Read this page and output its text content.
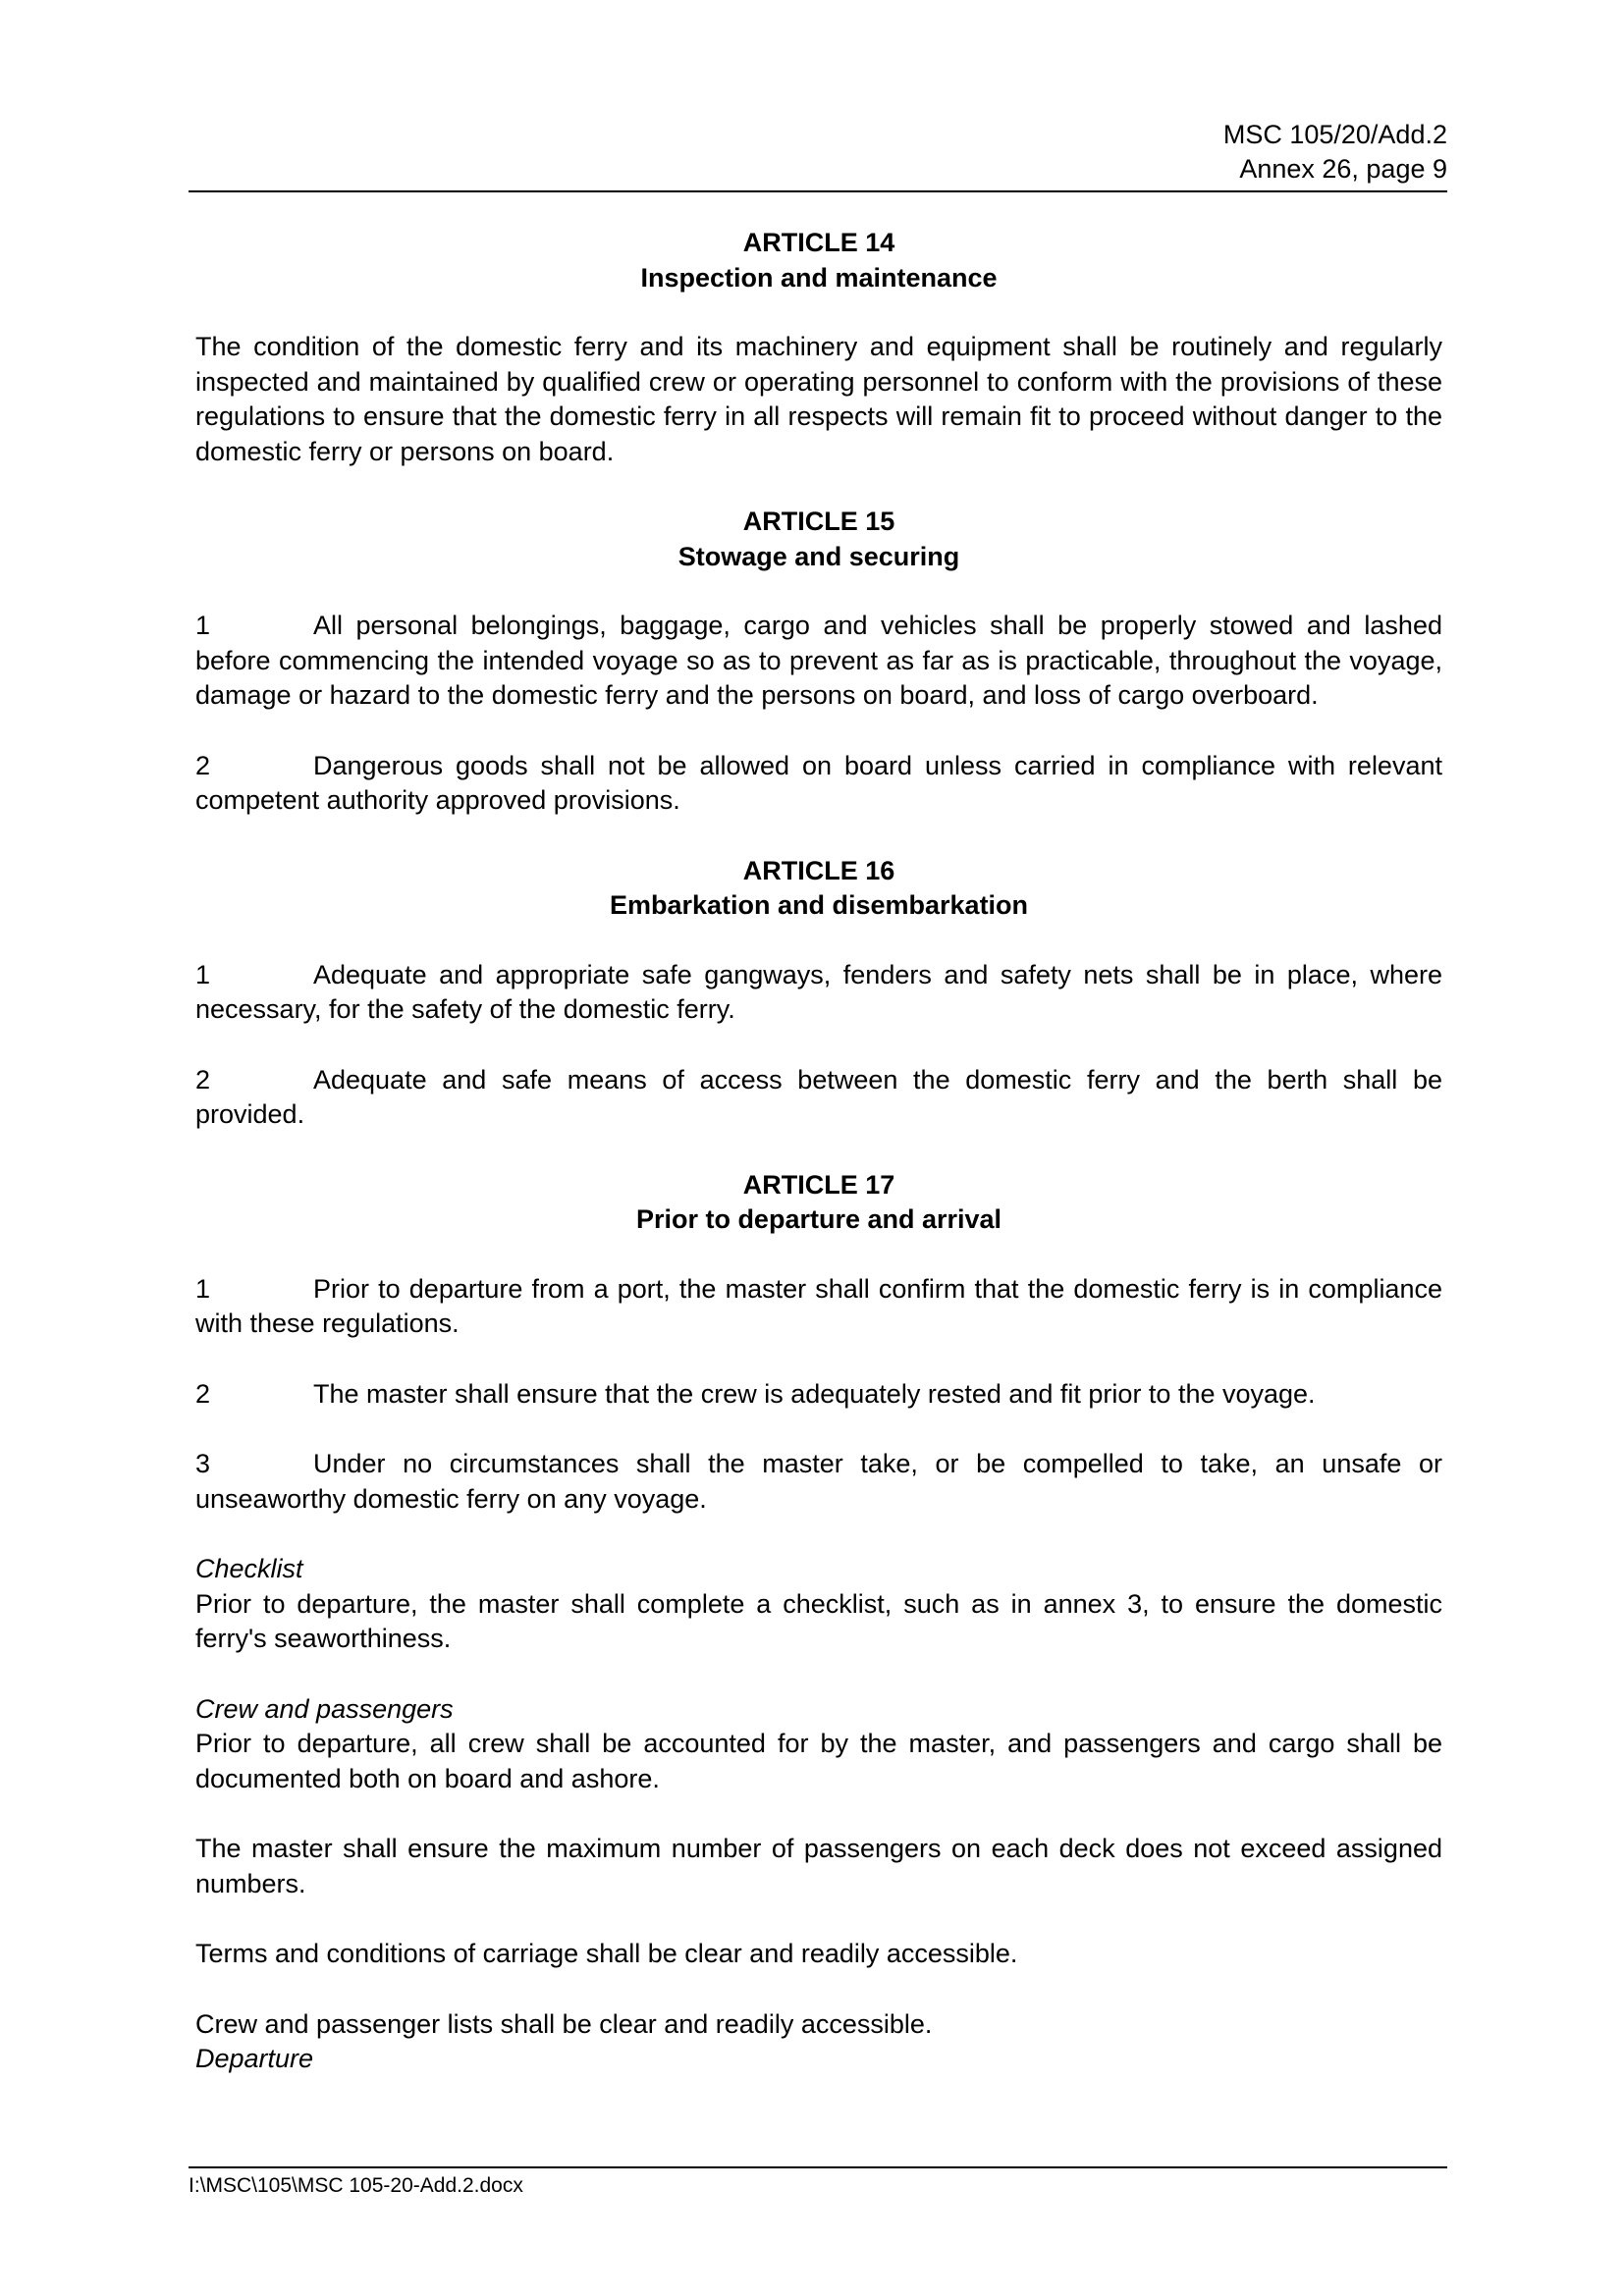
MSC 105/20/Add.2
Annex 26, page 9
ARTICLE 14
Inspection and maintenance

The condition of the domestic ferry and its machinery and equipment shall be routinely and regularly inspected and maintained by qualified crew or operating personnel to conform with the provisions of these regulations to ensure that the domestic ferry in all respects will remain fit to proceed without danger to the domestic ferry or persons on board.

ARTICLE 15
Stowage and securing

1	All personal belongings, baggage, cargo and vehicles shall be properly stowed and lashed before commencing the intended voyage so as to prevent as far as is practicable, throughout the voyage, damage or hazard to the domestic ferry and the persons on board, and loss of cargo overboard.

2	Dangerous goods shall not be allowed on board unless carried in compliance with relevant competent authority approved provisions.

ARTICLE 16
Embarkation and disembarkation

1	Adequate and appropriate safe gangways, fenders and safety nets shall be in place, where necessary, for the safety of the domestic ferry.

2	Adequate and safe means of access between the domestic ferry and the berth shall be provided.

ARTICLE 17
Prior to departure and arrival

1	Prior to departure from a port, the master shall confirm that the domestic ferry is in compliance with these regulations.

2	The master shall ensure that the crew is adequately rested and fit prior to the voyage.

3	Under no circumstances shall the master take, or be compelled to take, an unsafe or unseaworthy domestic ferry on any voyage.

Checklist
Prior to departure, the master shall complete a checklist, such as in annex 3, to ensure the domestic ferry's seaworthiness.

Crew and passengers
Prior to departure, all crew shall be accounted for by the master, and passengers and cargo shall be documented both on board and ashore.

The master shall ensure the maximum number of passengers on each deck does not exceed assigned numbers.

Terms and conditions of carriage shall be clear and readily accessible.

Crew and passenger lists shall be clear and readily accessible.

Departure
I:\MSC\105\MSC 105-20-Add.2.docx
